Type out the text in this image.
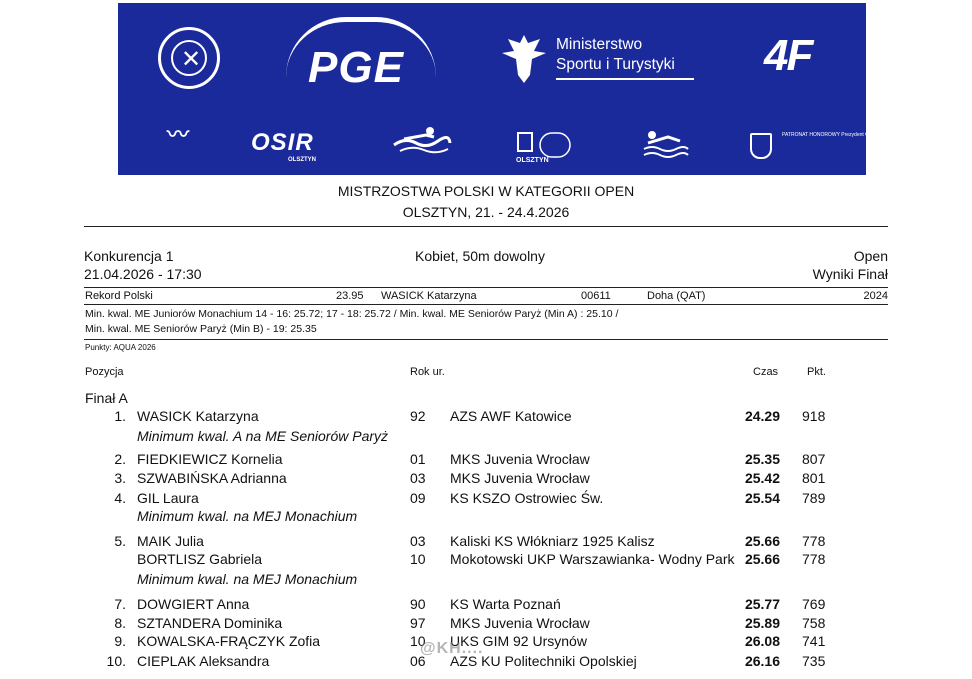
✕ PGE	Ministerstwo
Sportu i Turystyki 4F
〰	OSIR
OLSZTYN	OLSZTYN
PATRONAT HONOROWY Prezydent Olsztyna Robert Szewczyk
MISTRZOSTWA POLSKI W KATEGORII OPEN
OLSZTYN, 21. - 24.4.2026
Konkurencja 1
21.04.2026 - 17:30
Kobiet, 50m dowolny	Open
Wyniki Finał
Rekord Polski	23.95 WASICK Katarzyna	00611	Doha (QAT)	2024
Min. kwal. ME Juniorów Monachium 14 - 16: 25.72; 17 - 18: 25.72 / Min. kwal. ME Seniorów Paryż (Min A) : 25.10 /
Min. kwal. ME Seniorów Paryż (Min B) - 19: 25.35
Punkty: AQUA 2026
Pozycja	Rok ur.	Czas	Pkt.
Finał A
1. WASICK Katarzyna	92 AZS AWF Katowice	24.29 918
Minimum kwal. A na ME Seniorów Paryż
2. FIEDKIEWICZ Kornelia	01 MKS Juvenia Wrocław	25.35 807
3. SZWABIŃSKA Adrianna	03 MKS Juvenia Wrocław	25.42 801
4. GIL Laura	09 KS KSZO Ostrowiec Św.	25.54 789
Minimum kwal. na MEJ Monachium
5. MAIK Julia	03 Kaliski KS Włókniarz 1925 Kalisz	25.66 778
BORTLISZ Gabriela	10 Mokotowski UKP Warszawianka- Wodny Park 25.66 778
Minimum kwal. na MEJ Monachium
7. DOWGIERT Anna	90 KS Warta Poznań	25.77 769
8. SZTANDERA Dominika	97 MKS Juvenia Wrocław	25.89 758
9. KOWALSKA-FRĄCZYK Zofia	10 UKS GIM 92 Ursynów	26.08 741
10. CIEPLAK Aleksandra	06 AZS KU Politechniki Opolskiej	26.16 735
@KH....
